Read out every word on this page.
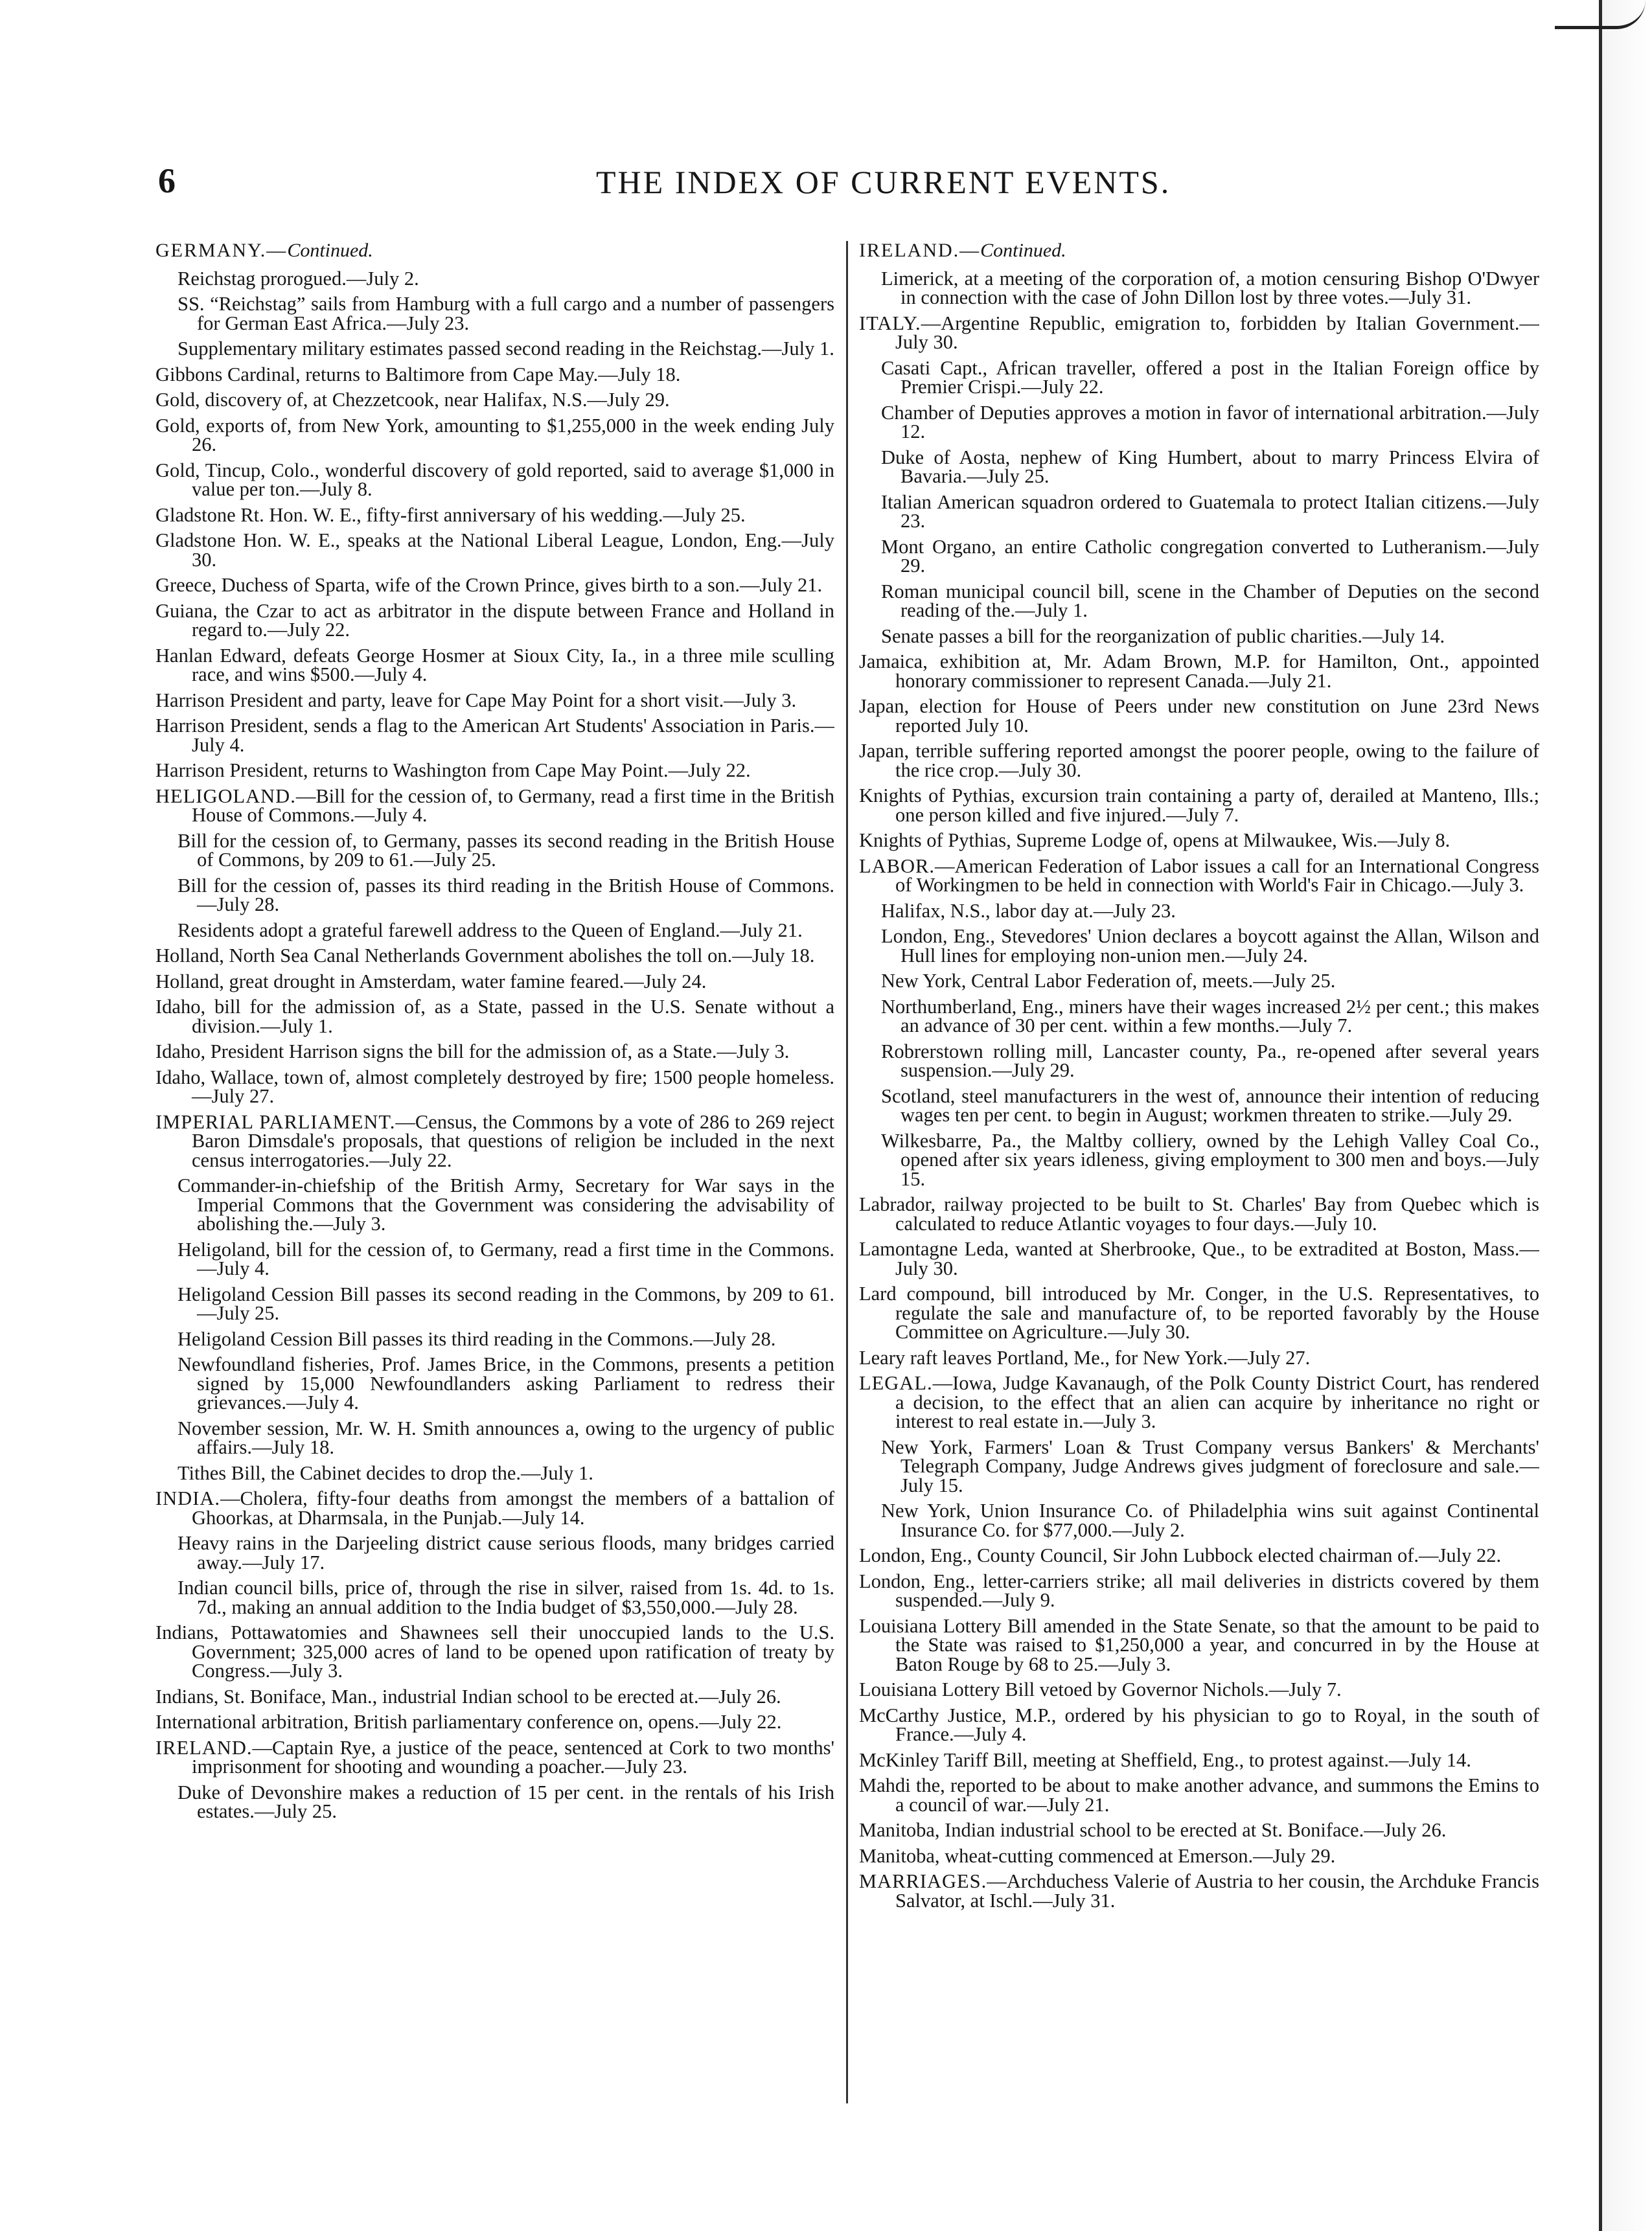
6	THE INDEX OF CURRENT EVENTS.
GERMANY.—Continued.
Reichstag prorogued.—July 2.
SS. “Reichstag” sails from Hamburg with a full cargo and a number of passengers for German East Africa.—July 23.
Supplementary military estimates passed second reading in the Reichstag.—July 1.
Gibbons Cardinal, returns to Baltimore from Cape May.—July 18.
Gold, discovery of, at Chezzetcook, near Halifax, N.S.—July 29.
Gold, exports of, from New York, amounting to $1,255,000 in the week ending July 26.
Gold, Tincup, Colo., wonderful discovery of gold reported, said to average $1,000 in value per ton.—July 8.
Gladstone Rt. Hon. W. E., fifty-first anniversary of his wedding.—July 25.
Gladstone Hon. W. E., speaks at the National Liberal League, London, Eng.—July 30.
Greece, Duchess of Sparta, wife of the Crown Prince, gives birth to a son.—July 21.
Guiana, the Czar to act as arbitrator in the dispute between France and Holland in regard to.—July 22.
Hanlan Edward, defeats George Hosmer at Sioux City, Ia., in a three mile sculling race, and wins $500.—July 4.
Harrison President and party, leave for Cape May Point for a short visit.—July 3.
Harrison President, sends a flag to the American Art Students' Association in Paris.—July 4.
Harrison President, returns to Washington from Cape May Point.—July 22.
HELIGOLAND.—Bill for the cession of, to Germany, read a first time in the British House of Commons.—July 4.
Bill for the cession of, to Germany, passes its second reading in the British House of Commons, by 209 to 61.—July 25.
Bill for the cession of, passes its third reading in the British House of Commons.—July 28.
Residents adopt a grateful farewell address to the Queen of England.—July 21.
Holland, North Sea Canal Netherlands Government abolishes the toll on.—July 18.
Holland, great drought in Amsterdam, water famine feared.—July 24.
Idaho, bill for the admission of, as a State, passed in the U.S. Senate without a division.—July 1.
Idaho, President Harrison signs the bill for the admission of, as a State.—July 3.
Idaho, Wallace, town of, almost completely destroyed by fire; 1500 people homeless.—July 27.
IMPERIAL PARLIAMENT.—Census, the Commons by a vote of 286 to 269 reject Baron Dimsdale's proposals, that questions of religion be included in the next census interrogatories.—July 22.
Commander-in-chiefship of the British Army, Secretary for War says in the Imperial Commons that the Government was considering the advisability of abolishing the.—July 3.
Heligoland, bill for the cession of, to Germany, read a first time in the Commons.—July 4.
Heligoland Cession Bill passes its second reading in the Commons, by 209 to 61.—July 25.
Heligoland Cession Bill passes its third reading in the Commons.—July 28.
Newfoundland fisheries, Prof. James Brice, in the Commons, presents a petition signed by 15,000 Newfoundlanders asking Parliament to redress their grievances.—July 4.
November session, Mr. W. H. Smith announces a, owing to the urgency of public affairs.—July 18.
Tithes Bill, the Cabinet decides to drop the.—July 1.
INDIA.—Cholera, fifty-four deaths from amongst the members of a battalion of Ghoorkas, at Dharmsala, in the Punjab.—July 14.
Heavy rains in the Darjeeling district cause serious floods, many bridges carried away.—July 17.
Indian council bills, price of, through the rise in silver, raised from 1s. 4d. to 1s. 7d., making an annual addition to the India budget of $3,550,000.—July 28.
Indians, Pottawatomies and Shawnees sell their unoccupied lands to the U.S. Government; 325,000 acres of land to be opened upon ratification of treaty by Congress.—July 3.
Indians, St. Boniface, Man., industrial Indian school to be erected at.—July 26.
International arbitration, British parliamentary conference on, opens.—July 22.
IRELAND.—Captain Rye, a justice of the peace, sentenced at Cork to two months' imprisonment for shooting and wounding a poacher.—July 23.
Duke of Devonshire makes a reduction of 15 per cent. in the rentals of his Irish estates.—July 25.
IRELAND.—Continued.
Limerick, at a meeting of the corporation of, a motion censuring Bishop O'Dwyer in connection with the case of John Dillon lost by three votes.—July 31.
ITALY.—Argentine Republic, emigration to, forbidden by Italian Government.—July 30.
Casati Capt., African traveller, offered a post in the Italian Foreign office by Premier Crispi.—July 22.
Chamber of Deputies approves a motion in favor of international arbitration.—July 12.
Duke of Aosta, nephew of King Humbert, about to marry Princess Elvira of Bavaria.—July 25.
Italian American squadron ordered to Guatemala to protect Italian citizens.—July 23.
Mont Organo, an entire Catholic congregation converted to Lutheranism.—July 29.
Roman municipal council bill, scene in the Chamber of Deputies on the second reading of the.—July 1.
Senate passes a bill for the reorganization of public charities.—July 14.
Jamaica, exhibition at, Mr. Adam Brown, M.P. for Hamilton, Ont., appointed honorary commissioner to represent Canada.—July 21.
Japan, election for House of Peers under new constitution on June 23rd News reported July 10.
Japan, terrible suffering reported amongst the poorer people, owing to the failure of the rice crop.—July 30.
Knights of Pythias, excursion train containing a party of, derailed at Manteno, Ills.; one person killed and five injured.—July 7.
Knights of Pythias, Supreme Lodge of, opens at Milwaukee, Wis.—July 8.
LABOR.—American Federation of Labor issues a call for an International Congress of Workingmen to be held in connection with World's Fair in Chicago.—July 3.
Halifax, N.S., labor day at.—July 23.
London, Eng., Stevedores' Union declares a boycott against the Allan, Wilson and Hull lines for employing non-union men.—July 24.
New York, Central Labor Federation of, meets.—July 25.
Northumberland, Eng., miners have their wages increased 2½ per cent.; this makes an advance of 30 per cent. within a few months.—July 7.
Robrerstown rolling mill, Lancaster county, Pa., re-opened after several years suspension.—July 29.
Scotland, steel manufacturers in the west of, announce their intention of reducing wages ten per cent. to begin in August; workmen threaten to strike.—July 29.
Wilkesbarre, Pa., the Maltby colliery, owned by the Lehigh Valley Coal Co., opened after six years idleness, giving employment to 300 men and boys.—July 15.
Labrador, railway projected to be built to St. Charles' Bay from Quebec which is calculated to reduce Atlantic voyages to four days.—July 10.
Lamontagne Leda, wanted at Sherbrooke, Que., to be extradited at Boston, Mass.—July 30.
Lard compound, bill introduced by Mr. Conger, in the U.S. Representatives, to regulate the sale and manufacture of, to be reported favorably by the House Committee on Agriculture.—July 30.
Leary raft leaves Portland, Me., for New York.—July 27.
LEGAL.—Iowa, Judge Kavanaugh, of the Polk County District Court, has rendered a decision, to the effect that an alien can acquire by inheritance no right or interest to real estate in.—July 3.
New York, Farmers' Loan & Trust Company versus Bankers' & Merchants' Telegraph Company, Judge Andrews gives judgment of foreclosure and sale.—July 15.
New York, Union Insurance Co. of Philadelphia wins suit against Continental Insurance Co. for $77,000.—July 2.
London, Eng., County Council, Sir John Lubbock elected chairman of.—July 22.
London, Eng., letter-carriers strike; all mail deliveries in districts covered by them suspended.—July 9.
Louisiana Lottery Bill amended in the State Senate, so that the amount to be paid to the State was raised to $1,250,000 a year, and concurred in by the House at Baton Rouge by 68 to 25.—July 3.
Louisiana Lottery Bill vetoed by Governor Nichols.—July 7.
McCarthy Justice, M.P., ordered by his physician to go to Royal, in the south of France.—July 4.
McKinley Tariff Bill, meeting at Sheffield, Eng., to protest against.—July 14.
Mahdi the, reported to be about to make another advance, and summons the Emins to a council of war.—July 21.
Manitoba, Indian industrial school to be erected at St. Boniface.—July 26.
Manitoba, wheat-cutting commenced at Emerson.—July 29.
MARRIAGES.—Archduchess Valerie of Austria to her cousin, the Archduke Francis Salvator, at Ischl.—July 31.
